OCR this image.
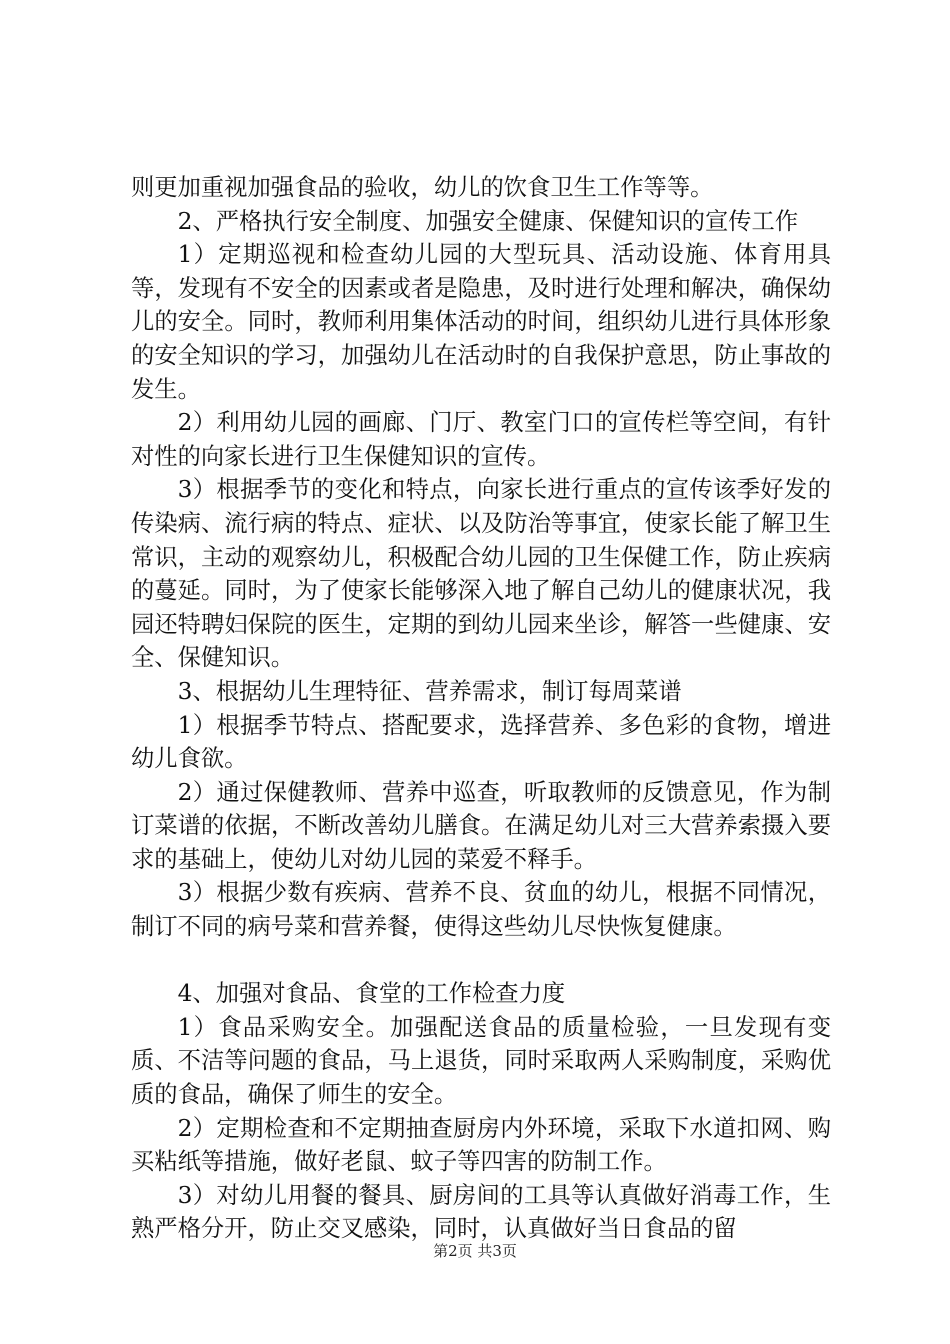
则更加重视加强食品的验收，幼儿的饮食卫生工作等等。

2、严格执行安全制度、加强安全健康、保健知识的宣传工作

1）定期巡视和检查幼儿园的大型玩具、活动设施、体育用具等，发现有不安全的因素或者是隐患，及时进行处理和解决，确保幼儿的安全。同时，教师利用集体活动的时间，组织幼儿进行具体形象的安全知识的学习，加强幼儿在活动时的自我保护意思，防止事故的发生。

2）利用幼儿园的画廊、门厅、教室门口的宣传栏等空间，有针对性的向家长进行卫生保健知识的宣传。

3）根据季节的变化和特点，向家长进行重点的宣传该季好发的传染病、流行病的特点、症状、以及防治等事宜，使家长能了解卫生常识，主动的观察幼儿，积极配合幼儿园的卫生保健工作，防止疾病的蔓延。同时，为了使家长能够深入地了解自己幼儿的健康状况，我园还特聘妇保院的医生，定期的到幼儿园来坐诊，解答一些健康、安全、保健知识。

3、根据幼儿生理特征、营养需求，制订每周菜谱

1）根据季节特点、搭配要求，选择营养、多色彩的食物，增进幼儿食欲。

2）通过保健教师、营养中巡查，听取教师的反馈意见，作为制订菜谱的依据，不断改善幼儿膳食。在满足幼儿对三大营养索摄入要求的基础上，使幼儿对幼儿园的菜爱不释手。

3）根据少数有疾病、营养不良、贫血的幼儿，根据不同情况，制订不同的病号菜和营养餐，使得这些幼儿尽快恢复健康。

4、加强对食品、食堂的工作检查力度

1）食品采购安全。加强配送食品的质量检验，一旦发现有变质、不洁等问题的食品，马上退货，同时采取两人采购制度，采购优质的食品，确保了师生的安全。

2）定期检查和不定期抽查厨房内外环境，采取下水道扣网、购买粘纸等措施，做好老鼠、蚊子等四害的防制工作。

3）对幼儿用餐的餐具、厨房间的工具等认真做好消毒工作，生熟严格分开，防止交叉感染，同时，认真做好当日食品的留

第2页 共3页
